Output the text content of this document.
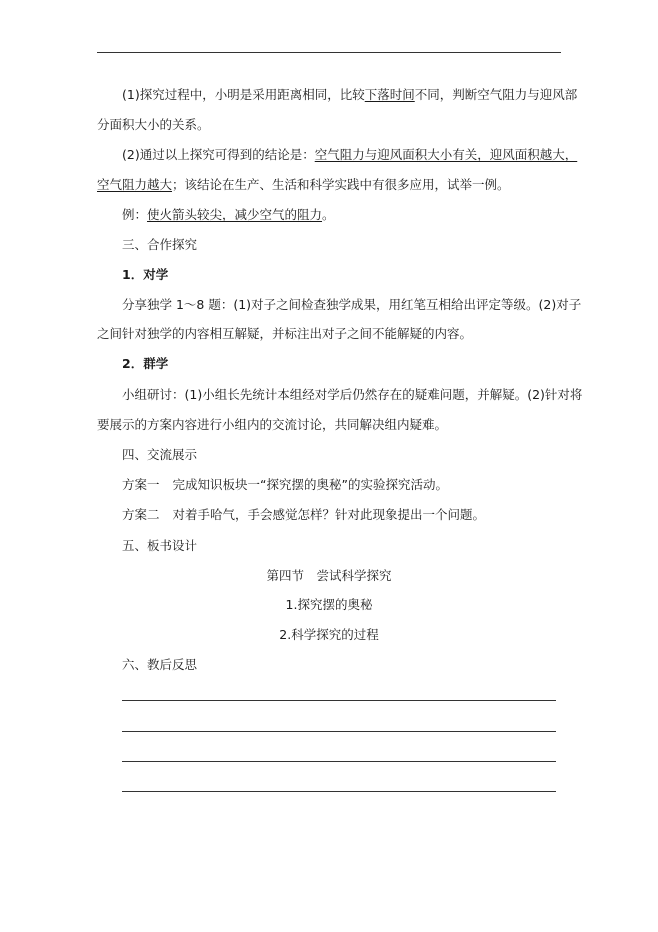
(1)探究过程中，小明是采用距离相同，比较下落时间不同，判断空气阻力与迎风部
分面积大小的关系。
(2)通过以上探究可得到的结论是：空气阻力与迎风面积大小有关，迎风面积越大，
空气阻力越大；该结论在生产、生活和科学实践中有很多应用，试举一例。
例：使火箭头较尖，减少空气的阻力。
三、合作探究
1．对学
分享独学 1～8 题：(1)对子之间检查独学成果，用红笔互相给出评定等级。(2)对子
之间针对独学的内容相互解疑，并标注出对子之间不能解疑的内容。
2．群学
小组研讨：(1)小组长先统计本组经对学后仍然存在的疑难问题，并解疑。(2)针对将
要展示的方案内容进行小组内的交流讨论，共同解决组内疑难。
四、交流展示
方案一 完成知识板块一“探究摆的奥秘”的实验探究活动。
方案二 对着手哈气，手会感觉怎样？针对此现象提出一个问题。
五、板书设计
第四节　尝试科学探究
1.探究摆的奥秘
2.科学探究的过程
六、教后反思
